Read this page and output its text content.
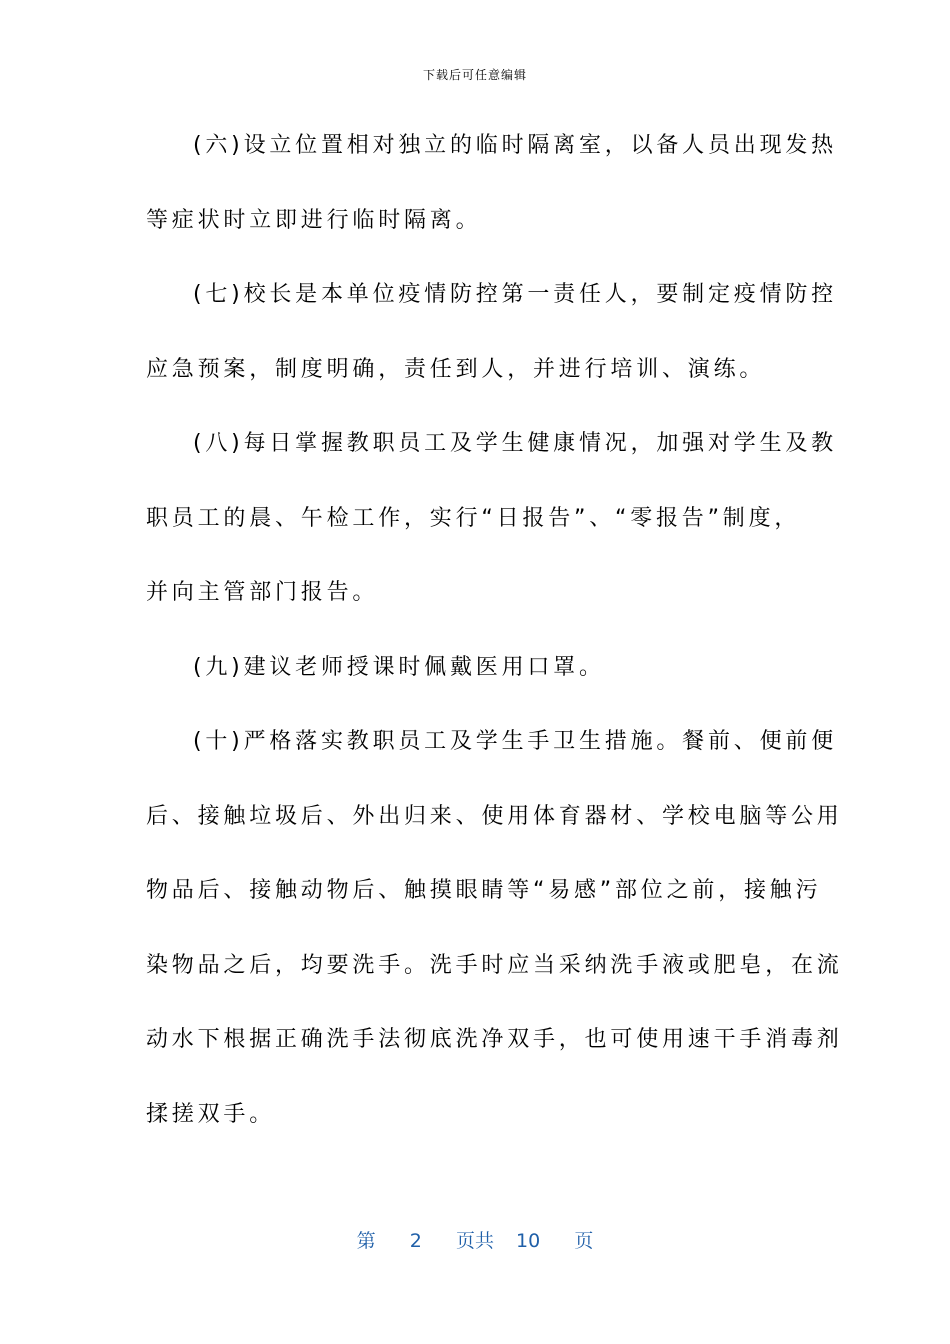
下载后可任意编辑
(六)设立位置相对独立的临时隔离室，以备人员出现发热
等症状时立即进行临时隔离。
(七)校长是本单位疫情防控第一责任人，要制定疫情防控
应急预案，制度明确，责任到人，并进行培训、演练。
(八)每日掌握教职员工及学生健康情况，加强对学生及教
职员工的晨、午检工作，实行“日报告”、“零报告”制度，
并向主管部门报告。
(九)建议老师授课时佩戴医用口罩。
(十)严格落实教职员工及学生手卫生措施。餐前、便前便
后、接触垃圾后、外出归来、使用体育器材、学校电脑等公用
物品后、接触动物后、触摸眼睛等“易感”部位之前，接触污
染物品之后，均要洗手。洗手时应当采纳洗手液或肥皂，在流
动水下根据正确洗手法彻底洗净双手，也可使用速干手消毒剂
揉搓双手。
第 2 页共 10 页
